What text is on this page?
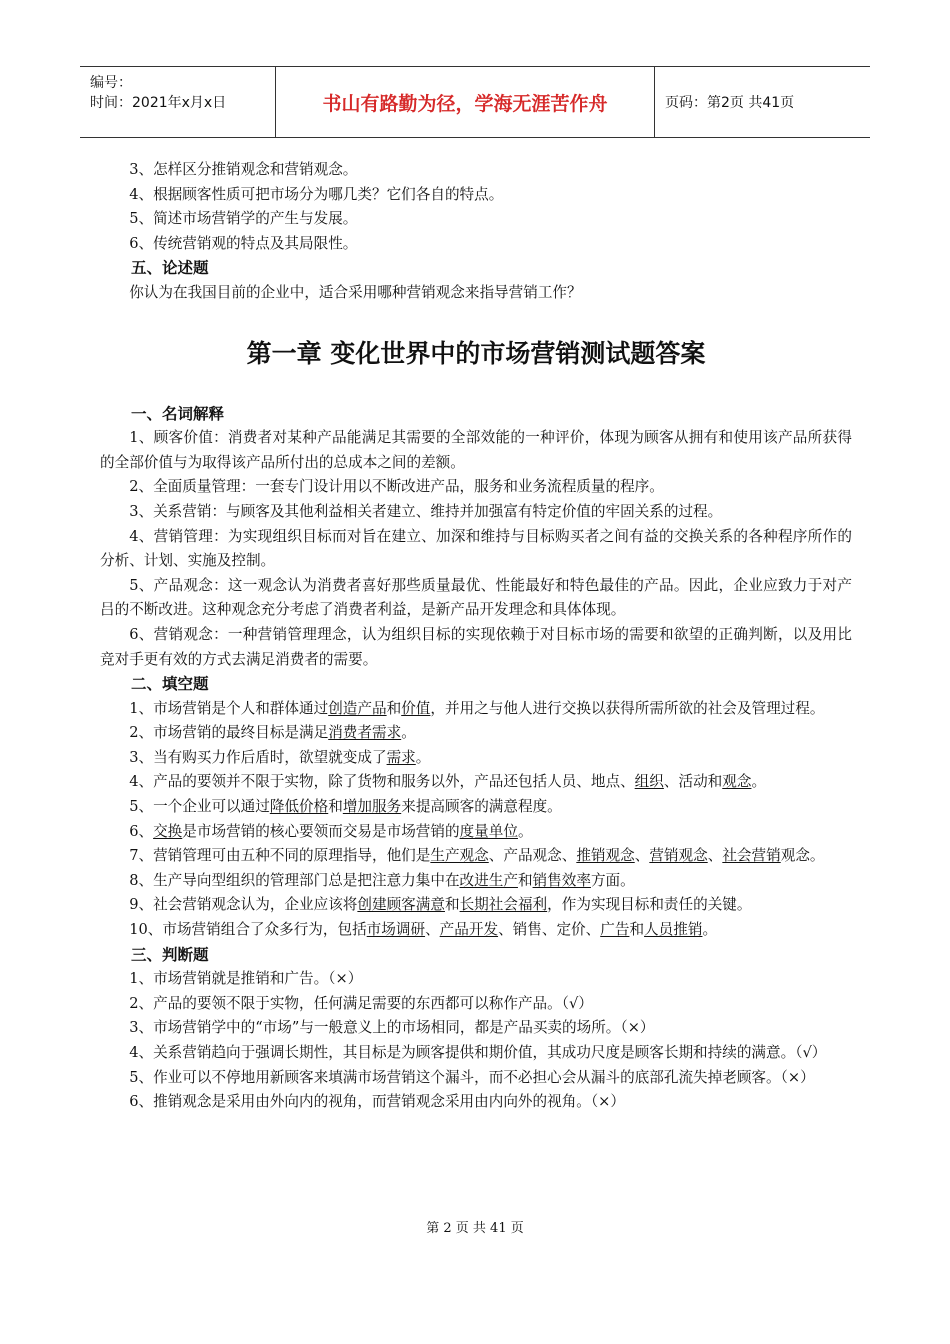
编号：
时间：2021年x月x日	书山有路勤为径，学海无涯苦作舟	页码：第2页 共41页

3、怎样区分推销观念和营销观念。

4、根据顾客性质可把市场分为哪几类？它们各自的特点。

5、简述市场营销学的产生与发展。

6、传统营销观的特点及其局限性。

五、论述题

你认为在我国目前的企业中，适合采用哪种营销观念来指导营销工作？

第一章 变化世界中的市场营销测试题答案

一、名词解释

1、顾客价值：消费者对某种产品能满足其需要的全部效能的一种评价，体现为顾客从拥有和使用该产品所获得的全部价值与为取得该产品所付出的总成本之间的差额。

2、全面质量管理：一套专门设计用以不断改进产品，服务和业务流程质量的程序。

3、关系营销：与顾客及其他利益相关者建立、维持并加强富有特定价值的牢固关系的过程。

4、营销管理：为实现组织目标而对旨在建立、加深和维持与目标购买者之间有益的交换关系的各种程序所作的分析、计划、实施及控制。

5、产品观念：这一观念认为消费者喜好那些质量最优、性能最好和特色最佳的产品。因此，企业应致力于对产吕的不断改进。这种观念充分考虑了消费者利益，是新产品开发理念和具体体现。

6、营销观念：一种营销管理理念，认为组织目标的实现依赖于对目标市场的需要和欲望的正确判断，以及用比竞对手更有效的方式去满足消费者的需要。

二、填空题

1、市场营销是个人和群体通过创造产品和价值，并用之与他人进行交换以获得所需所欲的社会及管理过程。

2、市场营销的最终目标是满足消费者需求。

3、当有购买力作后盾时，欲望就变成了需求。

4、产品的要领并不限于实物，除了货物和服务以外，产品还包括人员、地点、组织、活动和观念。

5、一个企业可以通过降低价格和增加服务来提高顾客的满意程度。

6、交换是市场营销的核心要领而交易是市场营销的度量单位。

7、营销管理可由五种不同的原理指导，他们是生产观念、产品观念、推销观念、营销观念、社会营销观念。

8、生产导向型组织的管理部门总是把注意力集中在改进生产和销售效率方面。

9、社会营销观念认为，企业应该将创建顾客满意和长期社会福利，作为实现目标和责任的关键。

10、市场营销组合了众多行为，包括市场调研、产品开发、销售、定价、广告和人员推销。

三、判断题

1、市场营销就是推销和广告。（×）

2、产品的要领不限于实物，任何满足需要的东西都可以称作产品。（√）

3、市场营销学中的“市场”与一般意义上的市场相同，都是产品买卖的场所。（×）

4、关系营销趋向于强调长期性，其目标是为顾客提供和期价值，其成功尺度是顾客长期和持续的满意。（√）

5、作业可以不停地用新顾客来填满市场营销这个漏斗，而不必担心会从漏斗的底部孔流失掉老顾客。（×）

6、推销观念是采用由外向内的视角，而营销观念采用由内向外的视角。（×）

第 2 页 共 41 页
